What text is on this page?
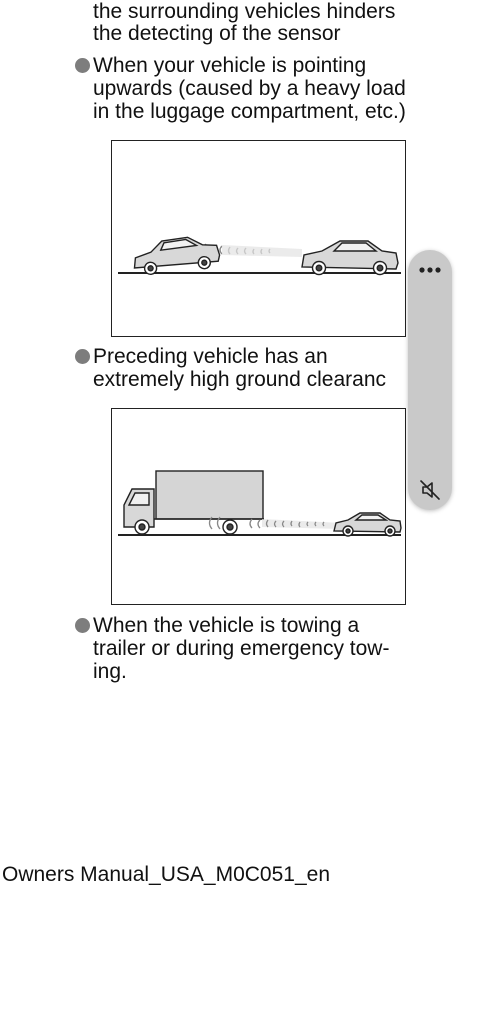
the surrounding vehicles hinders
the detecting of the sensor
When your vehicle is pointing
upwards (caused by a heavy load
in the luggage compartment, etc.)
Preceding vehicle has an
extremely high ground clearanc
When the vehicle is towing a
trailer or during emergency tow-
ing.
Owners Manual_USA_M0C051_en
